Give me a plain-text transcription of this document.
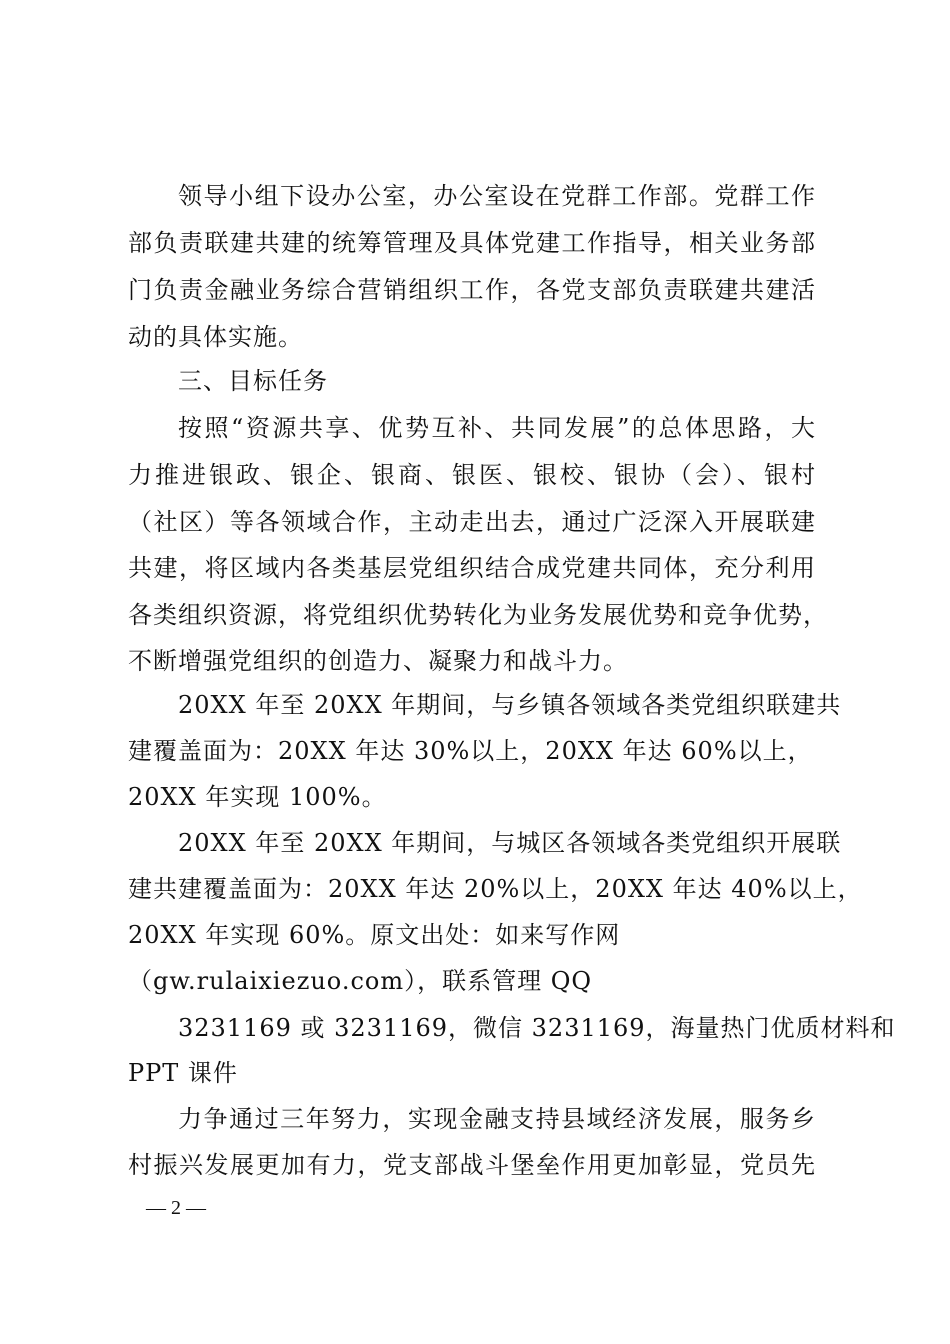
领导小组下设办公室，办公室设在党群工作部。党群工作
部负责联建共建的统筹管理及具体党建工作指导，相关业务部
门负责金融业务综合营销组织工作，各党支部负责联建共建活
动的具体实施。
三、目标任务
按照“资源共享、优势互补、共同发展”的总体思路，大
力推进银政、银企、银商、银医、银校、银协（会）、银村
（社区）等各领域合作，主动走出去，通过广泛深入开展联建
共建，将区域内各类基层党组织结合成党建共同体，充分利用
各类组织资源，将党组织优势转化为业务发展优势和竞争优势，
不断增强党组织的创造力、凝聚力和战斗力。
20XX 年至 20XX 年期间，与乡镇各领域各类党组织联建共
建覆盖面为：20XX 年达 30%以上，20XX 年达 60%以上，
20XX 年实现 100%。
20XX 年至 20XX 年期间，与城区各领域各类党组织开展联
建共建覆盖面为：20XX 年达 20%以上，20XX 年达 40%以上，
20XX 年实现 60%。原文出处：如来写作网
（gw.rulaixiezuo.com），联系管理 QQ
3231169 或 3231169，微信 3231169，海量热门优质材料和
PPT 课件
力争通过三年努力，实现金融支持县域经济发展，服务乡
村振兴发展更加有力，党支部战斗堡垒作用更加彰显，党员先
— 2 —
